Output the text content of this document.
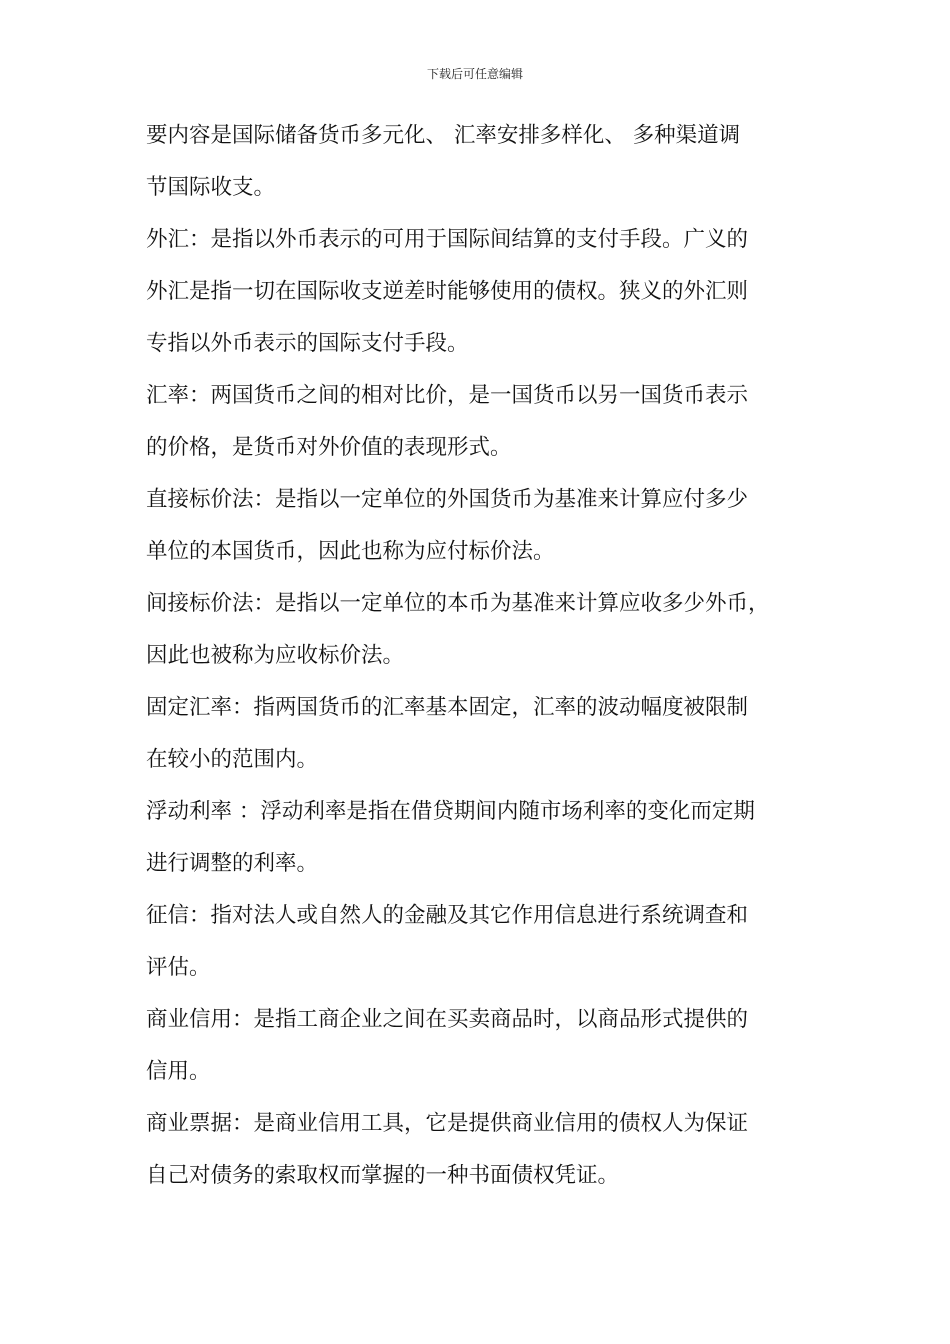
下载后可任意编辑
要内容是国际储备货币多元化、 汇率安排多样化、 多种渠道调
节国际收支。
外汇：是指以外币表示的可用于国际间结算的支付手段。广义的
外汇是指一切在国际收支逆差时能够使用的债权。狭义的外汇则
专指以外币表示的国际支付手段。
汇率：两国货币之间的相对比价，是一国货币以另一国货币表示
的价格，是货币对外价值的表现形式。
直接标价法：是指以一定单位的外国货币为基准来计算应付多少
单位的本国货币，因此也称为应付标价法。
间接标价法：是指以一定单位的本币为基准来计算应收多少外币，
因此也被称为应收标价法。
固定汇率：指两国货币的汇率基本固定，汇率的波动幅度被限制
在较小的范围内。
浮动利率 ：浮动利率是指在借贷期间内随市场利率的变化而定期
进行调整的利率。
征信：指对法人或自然人的金融及其它作用信息进行系统调查和
评估。
商业信用：是指工商企业之间在买卖商品时，以商品形式提供的
信用。
商业票据：是商业信用工具，它是提供商业信用的债权人为保证
自己对债务的索取权而掌握的一种书面债权凭证。
